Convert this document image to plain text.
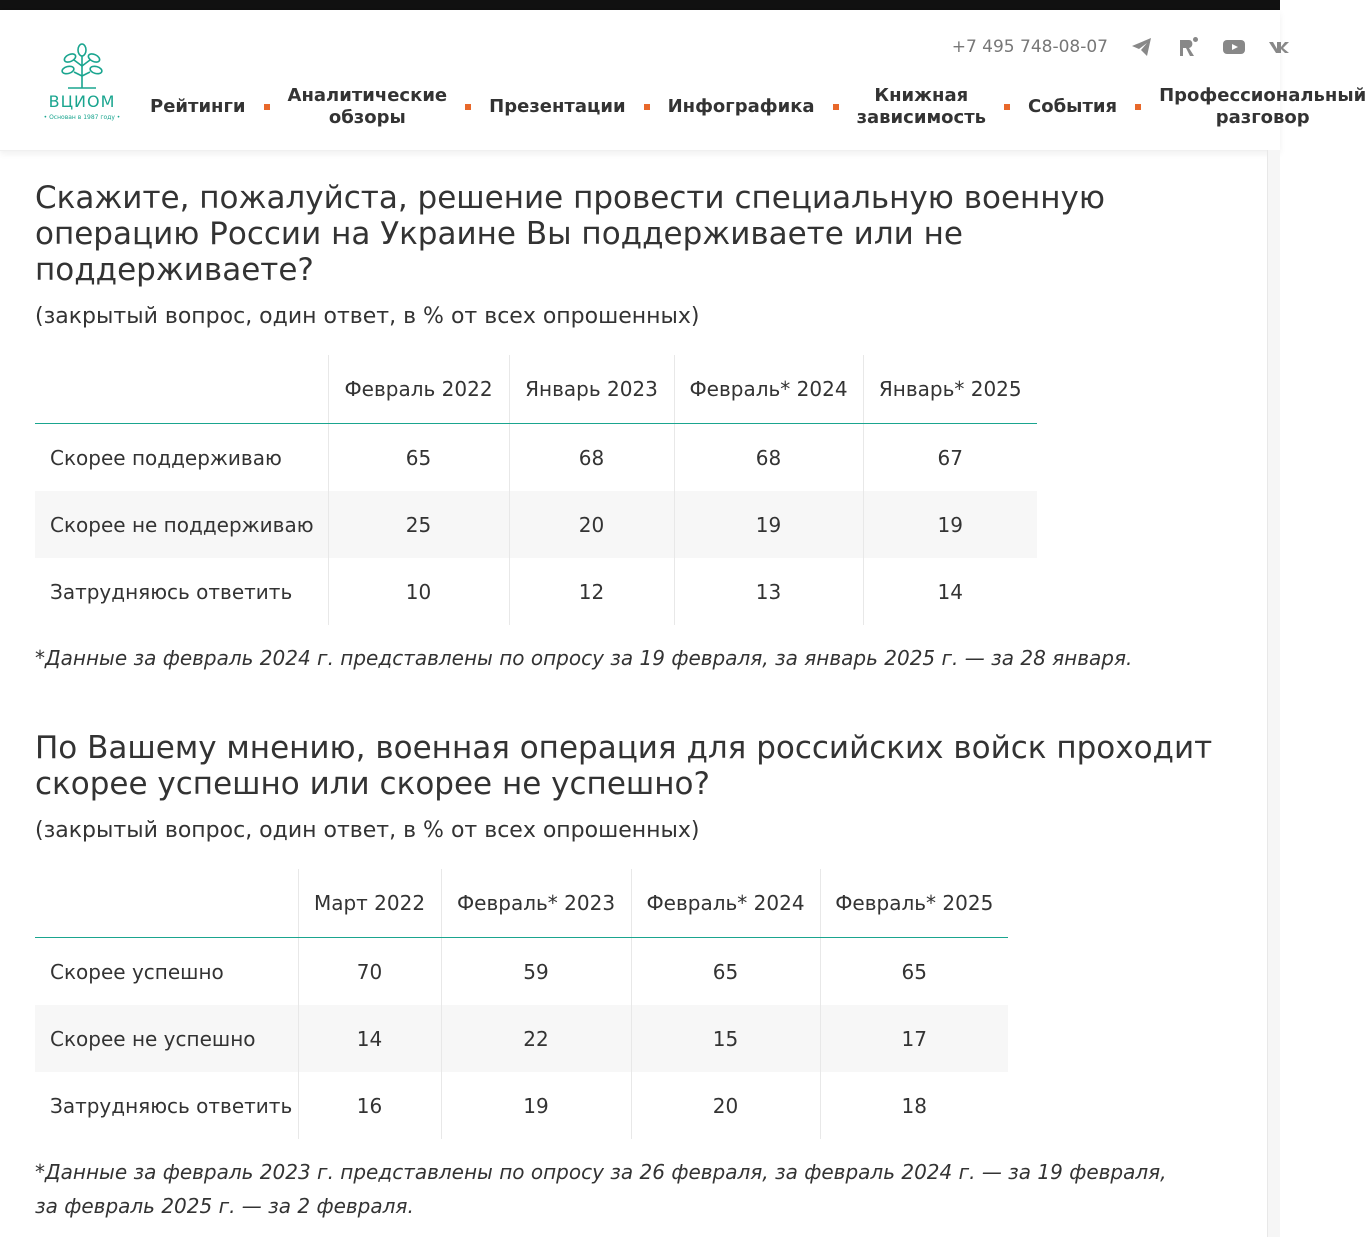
ВЦИОМ
• Основан в 1987 году •
+7 495 748-08-07
Рейтинги
Аналитические
обзоры
Презентации Инфографика
Книжная
зависимость
События
Профессиональный
разговор
Скажите, пожалуйста, решение провести специальную военную операцию России на Украине Вы поддерживаете или не поддерживаете?
(закрытый вопрос, один ответ, в % от всех опрошенных)
	Февраль 2022	Январь 2023	Февраль* 2024	Январь* 2025
Скорее поддерживаю	65	68	68	67
Скорее не поддерживаю	25	20	19	19
Затрудняюсь ответить	10	12	13	14
*Данные за февраль 2024 г. представлены по опросу за 19 февраля, за январь 2025 г. — за 28 января.
По Вашему мнению, военная операция для российских войск проходит скорее успешно или скорее не успешно?
(закрытый вопрос, один ответ, в % от всех опрошенных)
	Март 2022	Февраль* 2023	Февраль* 2024	Февраль* 2025
Скорее успешно	70	59	65	65
Скорее не успешно	14	22	15	17
Затрудняюсь ответить	16	19	20	18
*Данные за февраль 2023 г. представлены по опросу за 26 февраля, за февраль 2024 г. — за 19 февраля, за февраль 2025 г. — за 2 февраля.
